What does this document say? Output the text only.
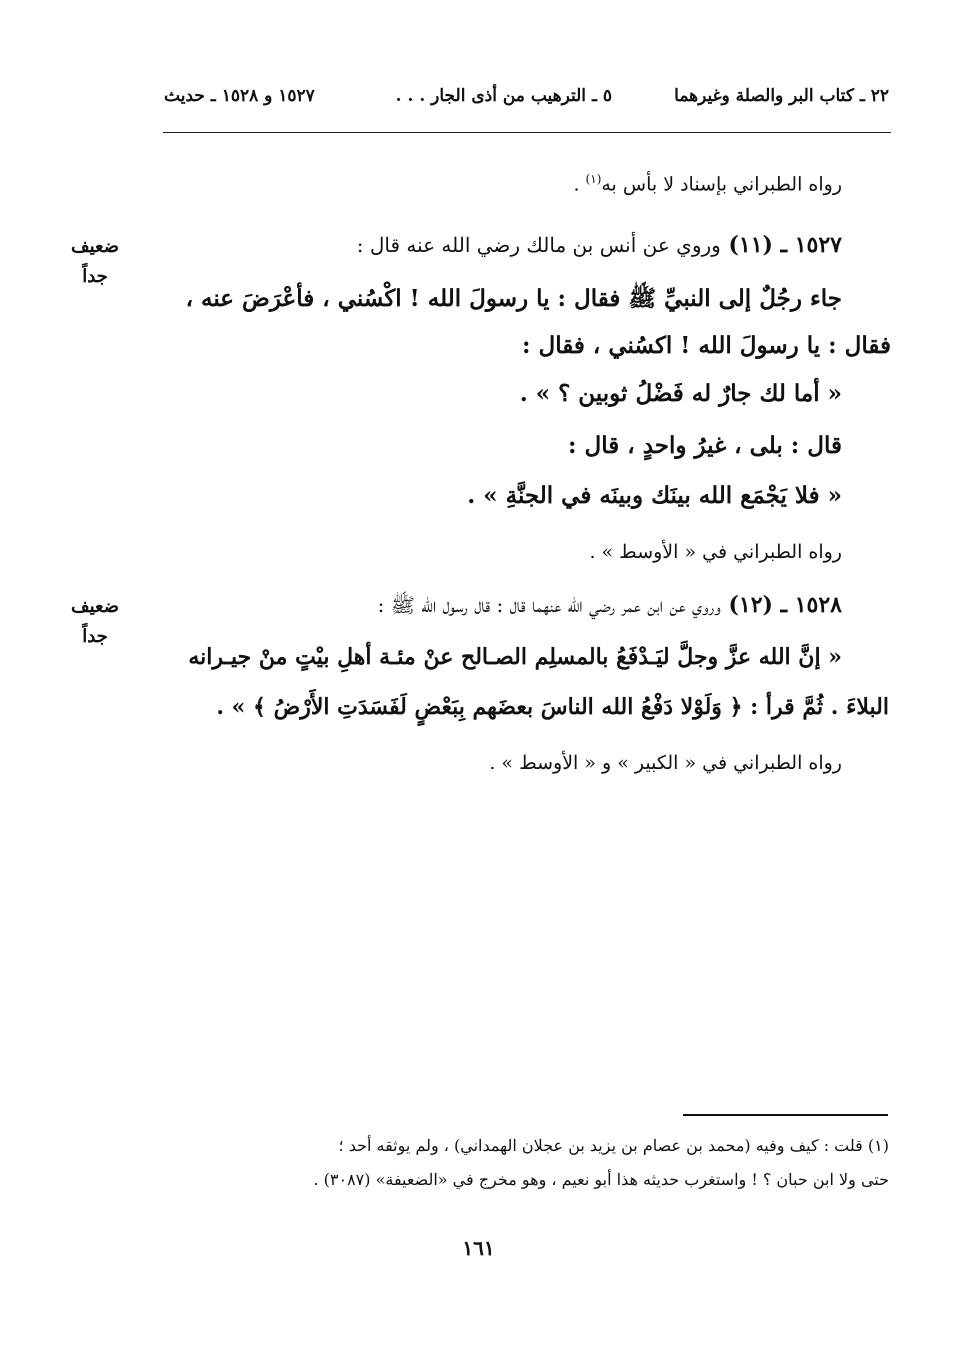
٢٢ ـ كتاب البر والصلة وغيرهما
٥ ـ الترهيب من أذى الجار . . .
١٥٢٧ و ١٥٢٨ ـ حديث
رواه الطبراني بإسناد لا بأس به$^{(١)}$ .
ضعيف
جداً
١٥٢٧ ـ (١١) وروي عن أنس بن مالك رضي الله عنه قال :
جاء رجُلٌ إلى النبيِّ ﷺ فقال : يا رسولَ الله ! اكْسُني ، فأعْرَضَ عنه ،
فقال : يا رسولَ الله ! اكسُني ، فقال :
« أما لك جارٌ له فَضْلُ ثوبين ؟ » .
قال : بلى ، غيرُ واحدٍ ، قال :
« فلا يَجْمَع الله بينَك وبينَه في الجنَّةِ » .
رواه الطبراني في « الأوسط » .
ضعيف
جداً
١٥٢٨ ـ (١٢) وروي عن ابن عمر رضي الله عنهما قال : قال رسول الله ﷺ :
« إنَّ الله عزَّ وجلَّ ليَـدْفَعُ بالمسلِم الصـالح عنْ مئـة أهلِ بيْتٍ منْ جيـرانه
البلاءَ . ثُمَّ قرأ : ﴿ وَلَوْلا دَفْعُ الله الناسَ بعضَهم بِبَعْضٍ لَفَسَدَتِ الأَرْضُ ﴾ » .
رواه الطبراني في « الكبير » و « الأوسط » .
(١) قلت : كيف وفيه (محمد بن عصام بن يزيد بن عجلان الهمداني) ، ولم يوثقه أحد ؛
حتى ولا ابن حبان ؟ ! واستغرب حديثه هذا أبو نعيم ، وهو مخرج في «الضعيفة» (٣٠٨٧) .
١٦١
